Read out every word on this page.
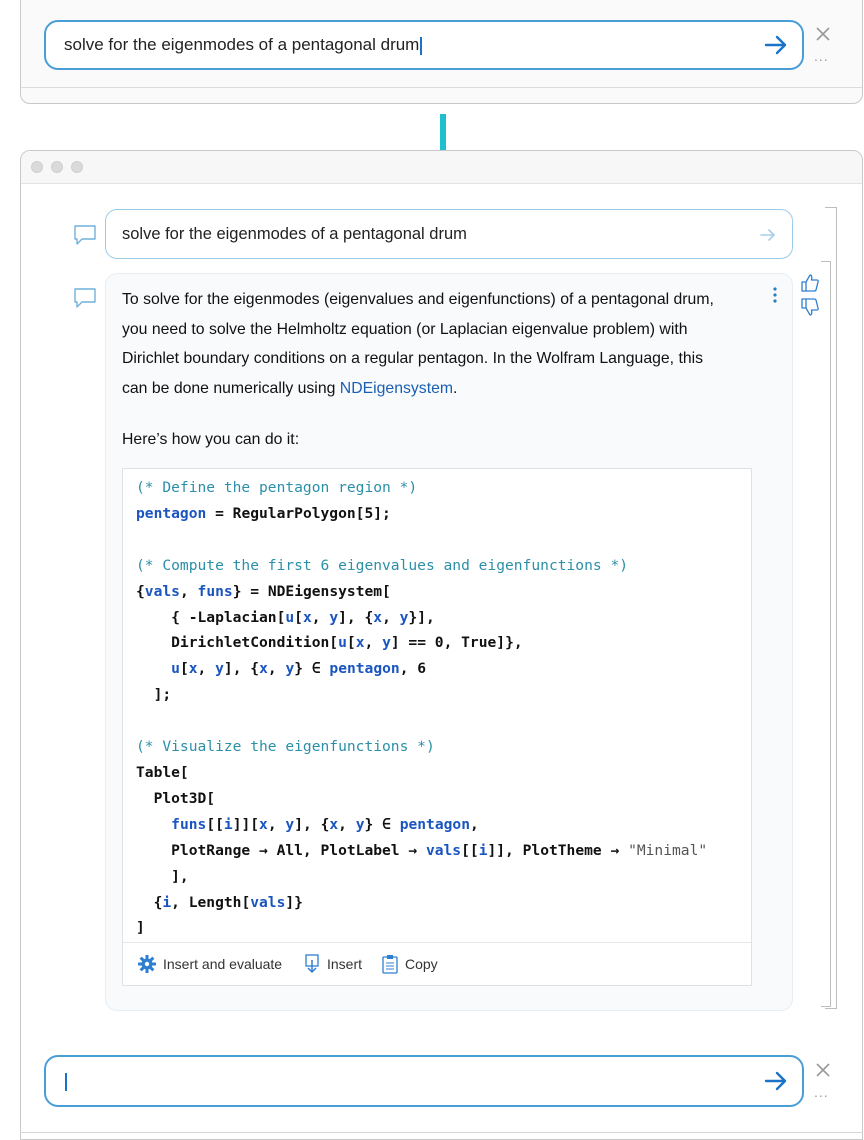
solve for the eigenmodes of a pentagonal drum
...
solve for the eigenmodes of a pentagonal drum
To solve for the eigenmodes (eigenvalues and eigenfunctions) of a pentagonal drum, you need to solve the Helmholtz equation (or Laplacian eigenvalue problem) with Dirichlet boundary conditions on a regular pentagon. In the Wolfram Language, this can be done numerically using NDEigensystem.
Here’s how you can do it:
(* Define the pentagon region *)
pentagon = RegularPolygon[5];

(* Compute the first 6 eigenvalues and eigenfunctions *)
{vals, funs} = NDEigensystem[
{ -Laplacian[u[x, y], {x, y}],
DirichletCondition[u[x, y] == 0, True]},
u[x, y], {x, y} ∈ pentagon, 6
];

(* Visualize the eigenfunctions *)
Table[
Plot3D[
funs[[i]][x, y], {x, y} ∈ pentagon,
PlotRange → All, PlotLabel → vals[[i]], PlotTheme → "Minimal"
],
{i, Length[vals]}
]
Insert and evaluate	Insert	Copy
...
